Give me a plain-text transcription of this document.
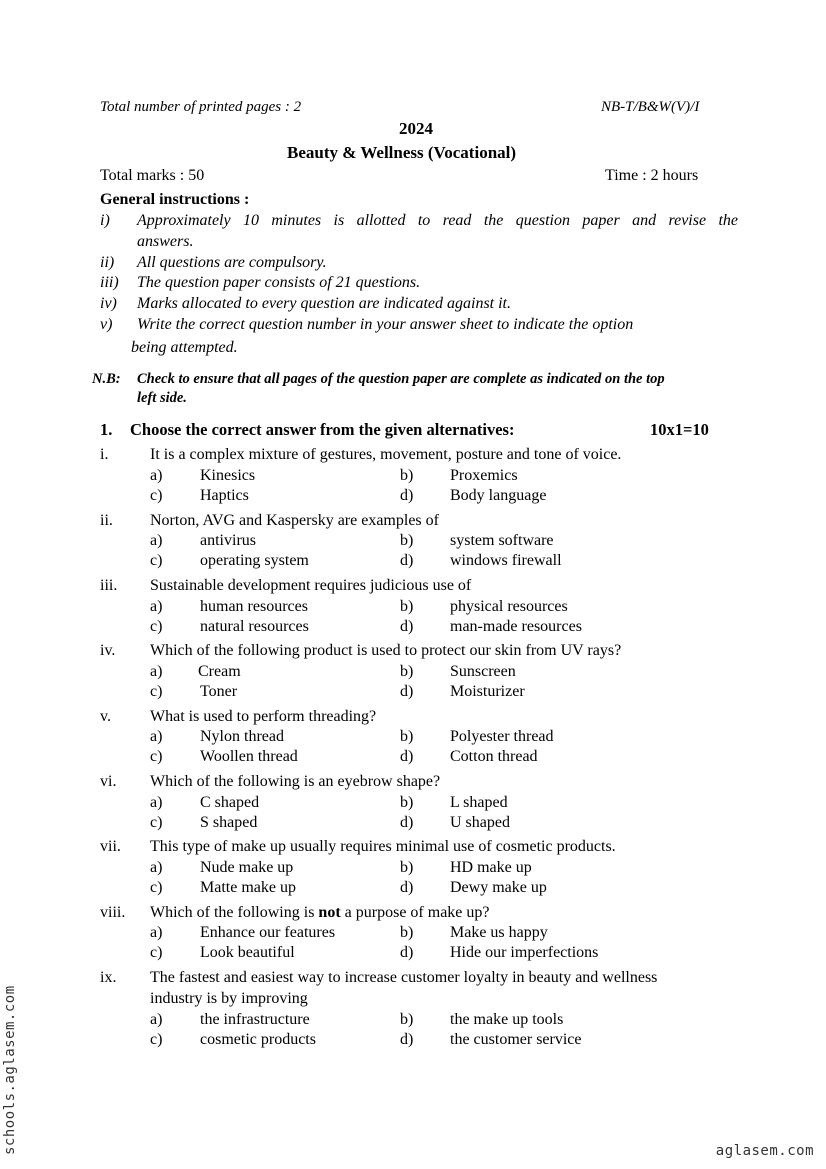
Total number of printed pages : 2	NB-T/B&W(V)/I
2024
Beauty & Wellness (Vocational)
Total marks : 50	Time : 2 hours
General instructions :
i) Approximately 10 minutes is allotted to read the question paper and revise the
answers.
ii) All questions are compulsory.
iii) The question paper consists of 21 questions.
iv) Marks allocated to every question are indicated against it.
v) Write the correct question number in your answer sheet to indicate the option
being attempted.
N.B: Check to ensure that all pages of the question paper are complete as indicated on the top
left side.
1. Choose the correct answer from the given alternatives:	10x1=10
i.	It is a complex mixture of gestures, movement, posture and tone of voice.
a) Kinesics	b) Proxemics
c) Haptics	d) Body language
ii. Norton, AVG and Kaspersky are examples of
a) antivirus	b) system software
c) operating system	d) windows firewall
iii. Sustainable development requires judicious use of
a) human resources	b) physical resources
c) natural resources	d) man-made resources
iv. Which of the following product is used to protect our skin from UV rays?
a) Cream	b) Sunscreen
c) Toner	d) Moisturizer
v. What is used to perform threading?
a) Nylon thread	b) Polyester thread
c) Woollen thread	d) Cotton thread
vi. Which of the following is an eyebrow shape?
a) C shaped	b) L shaped
c) S shaped	d) U shaped
vii. This type of make up usually requires minimal use of cosmetic products.
a) Nude make up	b) HD make up
c) Matte make up	d) Dewy make up
viii. Which of the following is not a purpose of make up?
a) Enhance our features	b) Make us happy
c) Look beautiful	d) Hide our imperfections
ix. The fastest and easiest way to increase customer loyalty in beauty and wellness
industry is by improving
a) the infrastructure	b) the make up tools
c) cosmetic products	d) the customer service
schools.aglasem.com	aglasem.com
